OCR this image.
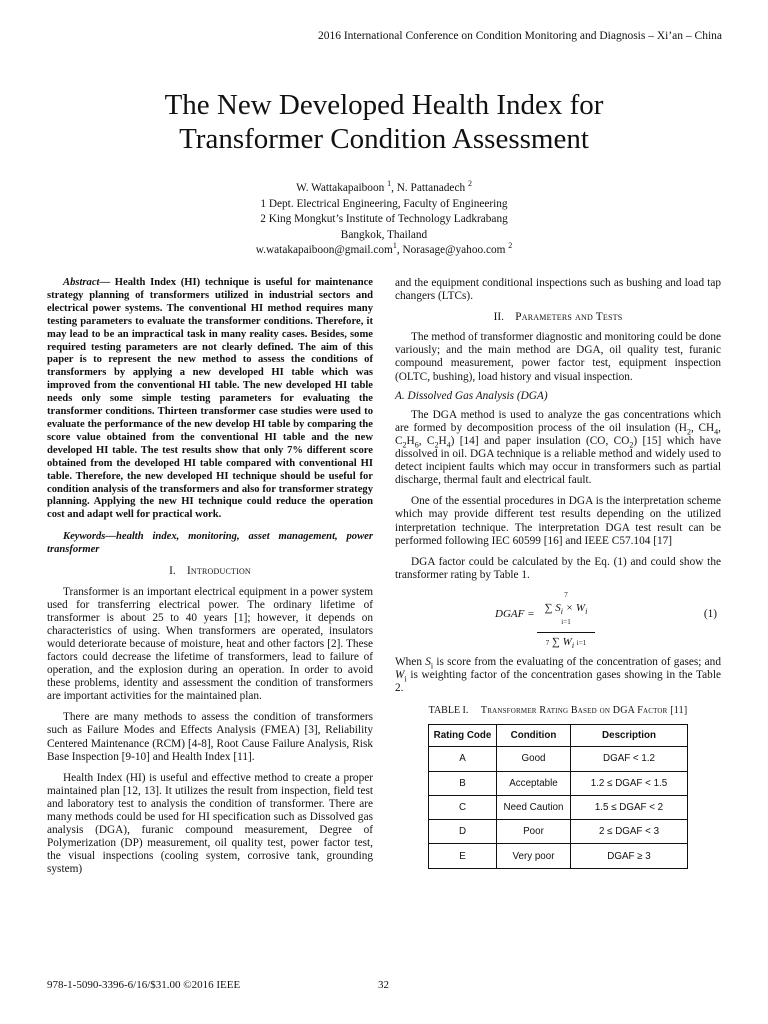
2016 International Conference on Condition Monitoring and Diagnosis – Xi’an – China
The New Developed Health Index for
Transformer Condition Assessment
W. Wattakapaiboon $^1$, N. Pattanadech $^2$
1 Dept. Electrical Engineering, Faculty of Engineering
2 King Mongkut’s Institute of Technology Ladkrabang
Bangkok, Thailand
w.watakapaiboon@gmail.com$^1$, Norasage@yahoo.com $^2$

Abstract— Health Index (HI) technique is useful for maintenance strategy planning of transformers utilized in industrial sectors and electrical power systems. The conventional HI method requires many testing parameters to evaluate the transformer conditions. Therefore, it may lead to be an impractical task in many reality cases. Besides, some required testing parameters are not clearly defined. The aim of this paper is to represent the new method to assess the conditions of transformers by applying a new developed HI table which was improved from the conventional HI table. The new developed HI table needs only some simple testing parameters for evaluating the transformer conditions. Thirteen transformer case studies were used to evaluate the performance of the new develop HI table by comparing the score value obtained from the conventional HI table and the new developed HI table. The test results show that only 7% different score obtained from the developed HI table compared with conventional HI table. Therefore, the new developed HI technique should be useful for condition analysis of the transformers and also for transformer strategy planning. Applying the new HI technique could reduce the operation cost and adapt well for practical work.

Keywords—health index, monitoring, asset management, power transformer

I. Introduction

Transformer is an important electrical equipment in a power system used for transferring electrical power. The ordinary lifetime of transformer is about 25 to 40 years [1]; however, it depends on characteristics of using. When transformers are operated, insulators would deteriorate because of moisture, heat and other factors [2]. These factors could decrease the lifetime of transformers, lead to failure of operation, and the explosion during an operation. In order to avoid these problems, identity and assessment the condition of transformers are important activities for the maintained plan.

There are many methods to assess the condition of transformers such as Failure Modes and Effects Analysis (FMEA) [3], Reliability Centered Maintenance (RCM) [4-8], Root Cause Failure Analysis, Risk Base Inspection [9-10] and Health Index [11].

Health Index (HI) is useful and effective method to create a proper maintained plan [12, 13]. It utilizes the result from inspection, field test and laboratory test to analysis the condition of transformer. There are many methods could be used for HI specification such as Dissolved gas analysis (DGA), furanic compound measurement, Degree of Polymerization (DP) measurement, oil quality test, power factor test, the visual inspections (cooling system, corrosive tank, grounding system)

and the equipment conditional inspections such as bushing and load tap changers (LTCs).

II. Parameters and Tests

The method of transformer diagnostic and monitoring could be done variously; and the main method are DGA, oil quality test, furanic compound measurement, power factor test, equipment inspection (OLTC, bushing), load history and visual inspection.

A. Dissolved Gas Analysis (DGA)

The DGA method is used to analyze the gas concentrations which are formed by decomposition process of the oil insulation ($H_2$, $CH_4$, $C_2H_6$, $C_2H_4$) [14] and paper insulation (CO, $CO_2$) [15] which have dissolved in oil. DGA technique is a reliable method and widely used to detect incipient faults which may occur in transformers such as partial discharge, thermal fault and electrical fault.

One of the essential procedures in DGA is the interpretation scheme which may provide different test results depending on the utilized interpretation technique. The interpretation DGA test result can be performed following IEC 60599 [16] and IEEE C57.104 [17]

DGA factor could be calculated by the Eq. (1) and could show the transformer rating by Table 1.

DGAF =
7
∑ $S_i \times W_i$
i=1
7 ∑ $W_i$ i=1
(1)

When $S_i$ is score from the evaluating of the concentration of gases; and $W_i$ is weighting factor of the concentration gases showing in the Table 2.

TABLE I. Transformer Rating Based on DGA Factor [11]
Rating Code	Condition	Description
A	Good	DGAF < 1.2
B	Acceptable	1.2 ≤ DGAF < 1.5
C	Need Caution	1.5 ≤ DGAF < 2
D	Poor	2 ≤ DGAF < 3
E	Very poor	DGAF ≥ 3
978-1-5090-3396-6/16/$31.00 ©2016 IEEE	32
